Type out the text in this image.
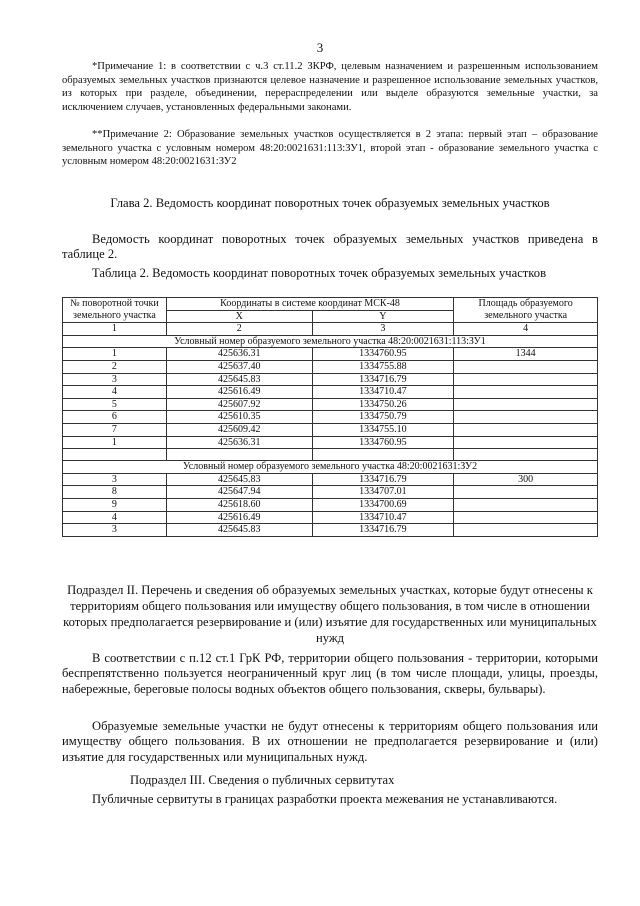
3
*Примечание 1: в соответствии с ч.3 ст.11.2 ЗКРФ, целевым назначением и разрешенным использованием образуемых земельных участков признаются целевое назначение и разрешенное использование земельных участков, из которых при разделе, объединении, перераспределении или выделе образуются земельные участки, за исключением случаев, установленных федеральными законами.
**Примечание 2: Образование земельных участков осуществляется в 2 этапа: первый этап – образование земельного участка с условным номером 48:20:0021631:113:ЗУ1, второй этап - образование земельного участка с условным номером 48:20:0021631:ЗУ2
Глава 2. Ведомость координат поворотных точек образуемых земельных участков
Ведомость координат поворотных точек образуемых земельных участков приведена в таблице 2.
Таблица 2. Ведомость координат поворотных точек образуемых земельных участков
№ поворотной точки земельного участка	Координаты в системе координат МСК-48		Площадь образуемого земельного участка
	X	Y	
1	2	3	4
Условный номер образуемого земельного участка 48:20:0021631:113:ЗУ1			
1	425636.31	1334760.95	1344
2	425637.40	1334755.88	
3	425645.83	1334716.79	
4	425616.49	1334710.47	
5	425607.92	1334750.26	
6	425610.35	1334750.79	
7	425609.42	1334755.10	
1	425636.31	1334760.95	

Условный номер образуемого земельного участка 48:20:0021631:ЗУ2			
3	425645.83	1334716.79	300
8	425647.94	1334707.01	
9	425618.60	1334700.69	
4	425616.49	1334710.47	
3	425645.83	1334716.79	
Подраздел II. Перечень и сведения об образуемых земельных участках, которые будут отнесены к территориям общего пользования или имуществу общего пользования, в том числе в отношении которых предполагается резервирование и (или) изъятие для государственных или муниципальных нужд
В соответствии с п.12 ст.1 ГрК РФ, территории общего пользования - территории, которыми беспрепятственно пользуется неограниченный круг лиц (в том числе площади, улицы, проезды, набережные, береговые полосы водных объектов общего пользования, скверы, бульвары).
Образуемые земельные участки не будут отнесены к территориям общего пользования или имуществу общего пользования. В их отношении не предполагается резервирование и (или) изъятие для государственных или муниципальных нужд.
Подраздел III. Сведения о публичных сервитутах
Публичные сервитуты в границах разработки проекта межевания не устанавливаются.
